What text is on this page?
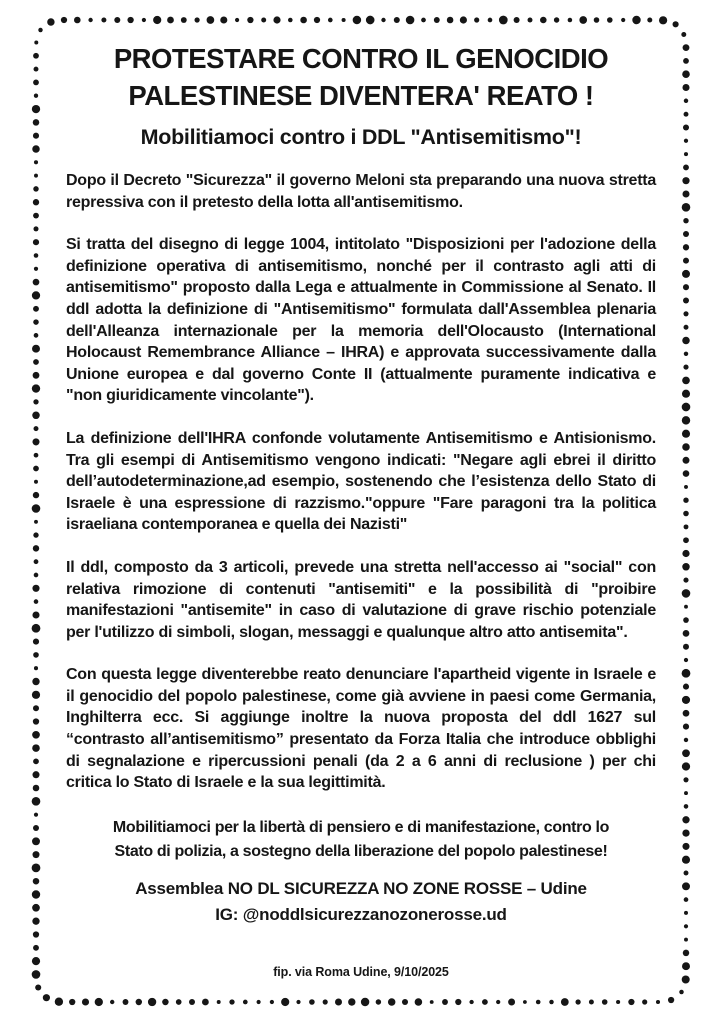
PROTESTARE CONTRO IL GENOCIDIO
PALESTINESE DIVENTERA' REATO !
Mobilitiamoci contro i DDL "Antisemitismo"!

Dopo il Decreto "Sicurezza" il governo Meloni sta preparando una nuova stretta repressiva con il pretesto della lotta all'antisemitismo.

Si tratta del disegno di legge 1004, intitolato "Disposizioni per l'adozione della definizione operativa di antisemitismo, nonché per il contrasto agli atti di antisemitismo" proposto dalla Lega e attualmente in Commissione al Senato. Il ddl adotta la definizione di "Antisemitismo" formulata dall'Assemblea plenaria dell'Alleanza internazionale per la memoria dell'Olocausto (International Holocaust Remembrance Alliance – IHRA) e approvata successivamente dalla Unione europea e dal governo Conte II (attualmente puramente indicativa e "non giuridicamente vincolante").

La definizione dell'IHRA confonde volutamente Antisemitismo e Antisionismo. Tra gli esempi di Antisemitismo vengono indicati: "Negare agli ebrei il diritto dell’autodeterminazione,ad esempio, sostenendo che l’esistenza dello Stato di Israele è una espressione di razzismo."oppure "Fare paragoni tra la politica israeliana contemporanea e quella dei Nazisti"

Il ddl, composto da 3 articoli, prevede una stretta nell'accesso ai "social" con relativa rimozione di contenuti "antisemiti" e la possibilità di "proibire manifestazioni "antisemite" in caso di valutazione di grave rischio potenziale per l'utilizzo di simboli, slogan, messaggi e qualunque altro atto antisemita".

Con questa legge diventerebbe reato denunciare l'apartheid vigente in Israele e il genocidio del popolo palestinese, come già avviene in paesi come Germania, Inghilterra ecc. Si aggiunge inoltre la nuova proposta del ddl 1627 sul “contrasto all’antisemitismo” presentato da Forza Italia che introduce obblighi di segnalazione e ripercussioni penali (da 2 a 6 anni di reclusione ) per chi critica lo Stato di Israele e la sua legittimità.

Mobilitiamoci per la libertà di pensiero e di manifestazione, contro lo
Stato di polizia, a sostegno della liberazione del popolo palestinese!
Assemblea NO DL SICUREZZA NO ZONE ROSSE – Udine
IG: @noddlsicurezzanozonerosse.ud
fip. via Roma Udine, 9/10/2025
